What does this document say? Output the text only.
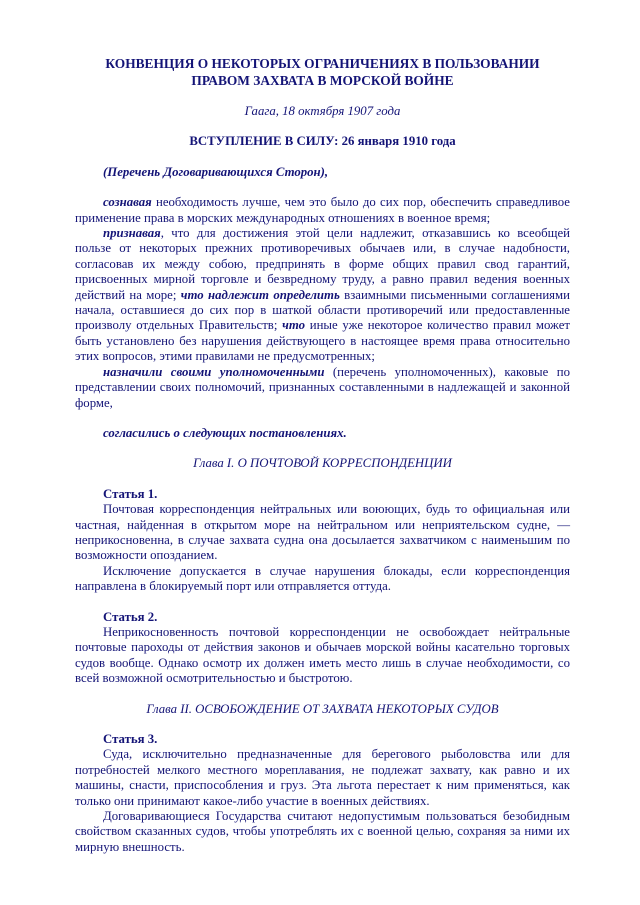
КОНВЕНЦИЯ О НЕКОТОРЫХ ОГРАНИЧЕНИЯХ В ПОЛЬЗОВАНИИ ПРАВОМ ЗАХВАТА В МОРСКОЙ ВОЙНЕ

Гаага, 18 октября 1907 года

ВСТУПЛЕНИЕ В СИЛУ: 26 января 1910 года

(Перечень Договаривающихся Сторон),

сознавая необходимость лучше, чем это было до сих пор, обеспечить справедливое применение права в морских международных отношениях в военное время;

признавая, что для достижения этой цели надлежит, отказавшись ко всеобщей пользе от некоторых прежних противоречивых обычаев или, в случае надобности, согласовав их между собою, предпринять в форме общих правил свод гарантий, присвоенных мирной торговле и безвредному труду, а равно правил ведения военных действий на море; что надлежит определить взаимными письменными соглашениями начала, оставшиеся до сих пор в шаткой области противоречий или предоставленные произволу отдельных Правительств; что иные уже некоторое количество правил может быть установлено без нарушения действующего в настоящее время права относительно этих вопросов, этими правилами не предусмотренных;

назначили своими уполномоченными (перечень уполномоченных), каковые по представлении своих полномочий, признанных составленными в надлежащей и законной форме,

согласились о следующих постановлениях.

Глава I. О ПОЧТОВОЙ КОРРЕСПОНДЕНЦИИ

Статья 1.

Почтовая корреспонденция нейтральных или воюющих, будь то официальная или частная, найденная в открытом море на нейтральном или неприятельском судне, — неприкосновенна, в случае захвата судна она досылается захватчиком с наименьшим по возможности опозданием.

Исключение допускается в случае нарушения блокады, если корреспонденция направлена в блокируемый порт или отправляется оттуда.

Статья 2.

Неприкосновенность почтовой корреспонденции не освобождает нейтральные почтовые пароходы от действия законов и обычаев морской войны касательно торговых судов вообще. Однако осмотр их должен иметь место лишь в случае необходимости, со всей возможной осмотрительностью и быстротою.

Глава II. ОСВОБОЖДЕНИЕ ОТ ЗАХВАТА НЕКОТОРЫХ СУДОВ

Статья 3.

Суда, исключительно предназначенные для берегового рыболовства или для потребностей мелкого местного мореплавания, не подлежат захвату, как равно и их машины, снасти, приспособления и груз. Эта льгота перестает к ним применяться, как только они принимают какое-либо участие в военных действиях.

Договаривающиеся Государства считают недопустимым пользоваться безобидным свойством сказанных судов, чтобы употреблять их с военной целью, сохраняя за ними их мирную внешность.
